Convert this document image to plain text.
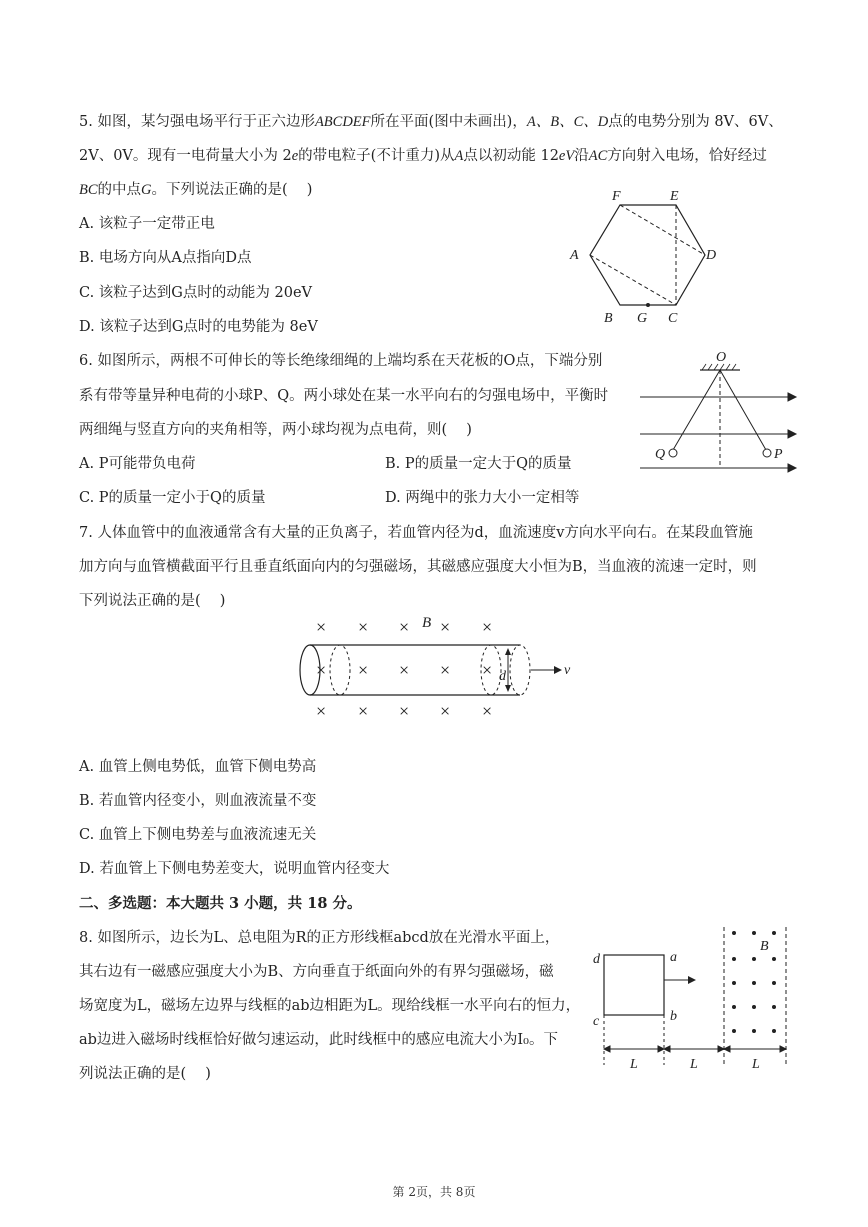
5. 如图，某匀强电场平行于正六边形ABCDEF所在平面(图中未画出)，A、B、C、D点的电势分别为 8V、6V、
2V、0V。现有一电荷量大小为 2e的带电粒子(不计重力)从A点以初动能 12eV沿AC方向射入电场，恰好经过
BC的中点G。下列说法正确的是(　 )
A. 该粒子一定带正电
B. 电场方向从A点指向D点
C. 该粒子达到G点时的动能为 20eV
D. 该粒子达到G点时的电势能为 8eV
F	E
A	D
B G C
6. 如图所示，两根不可伸长的等长绝缘细绳的上端均系在天花板的O点，下端分别
系有带等量异种电荷的小球P、Q。两小球处在某一水平向右的匀强电场中，平衡时
两细绳与竖直方向的夹角相等，两小球均视为点电荷，则(　 )
A. P可能带负电荷	B. P的质量一定大于Q的质量
C. P的质量一定小于Q的质量	D. 两绳中的张力大小一定相等
O
Q	P
7. 人体血管中的血液通常含有大量的正负离子，若血管内径为d，血流速度v方向水平向右。在某段血管施
加方向与血管横截面平行且垂直纸面向内的匀强磁场，其磁感应强度大小恒为B，当血液的流速一定时，则
下列说法正确的是(　 )
× × × × ×
B
× × × × × d	v
× × × × ×
A. 血管上侧电势低，血管下侧电势高
B. 若血管内径变小，则血液流量不变
C. 血管上下侧电势差与血液流速无关
D. 若血管上下侧电势差变大，说明血管内径变大
二、多选题：本大题共 3 小题，共 18 分。
8. 如图所示，边长为L、总电阻为R的正方形线框abcd放在光滑水平面上，
其右边有一磁感应强度大小为B、方向垂直于纸面向外的有界匀强磁场，磁
场宽度为L，磁场左边界与线框的ab边相距为L。现给线框一水平向右的恒力，
ab边进入磁场时线框恰好做匀速运动，此时线框中的感应电流大小为I₀。下
列说法正确的是(　 )
d
c
a
b
B
L	L	L
第 2页，共 8页
